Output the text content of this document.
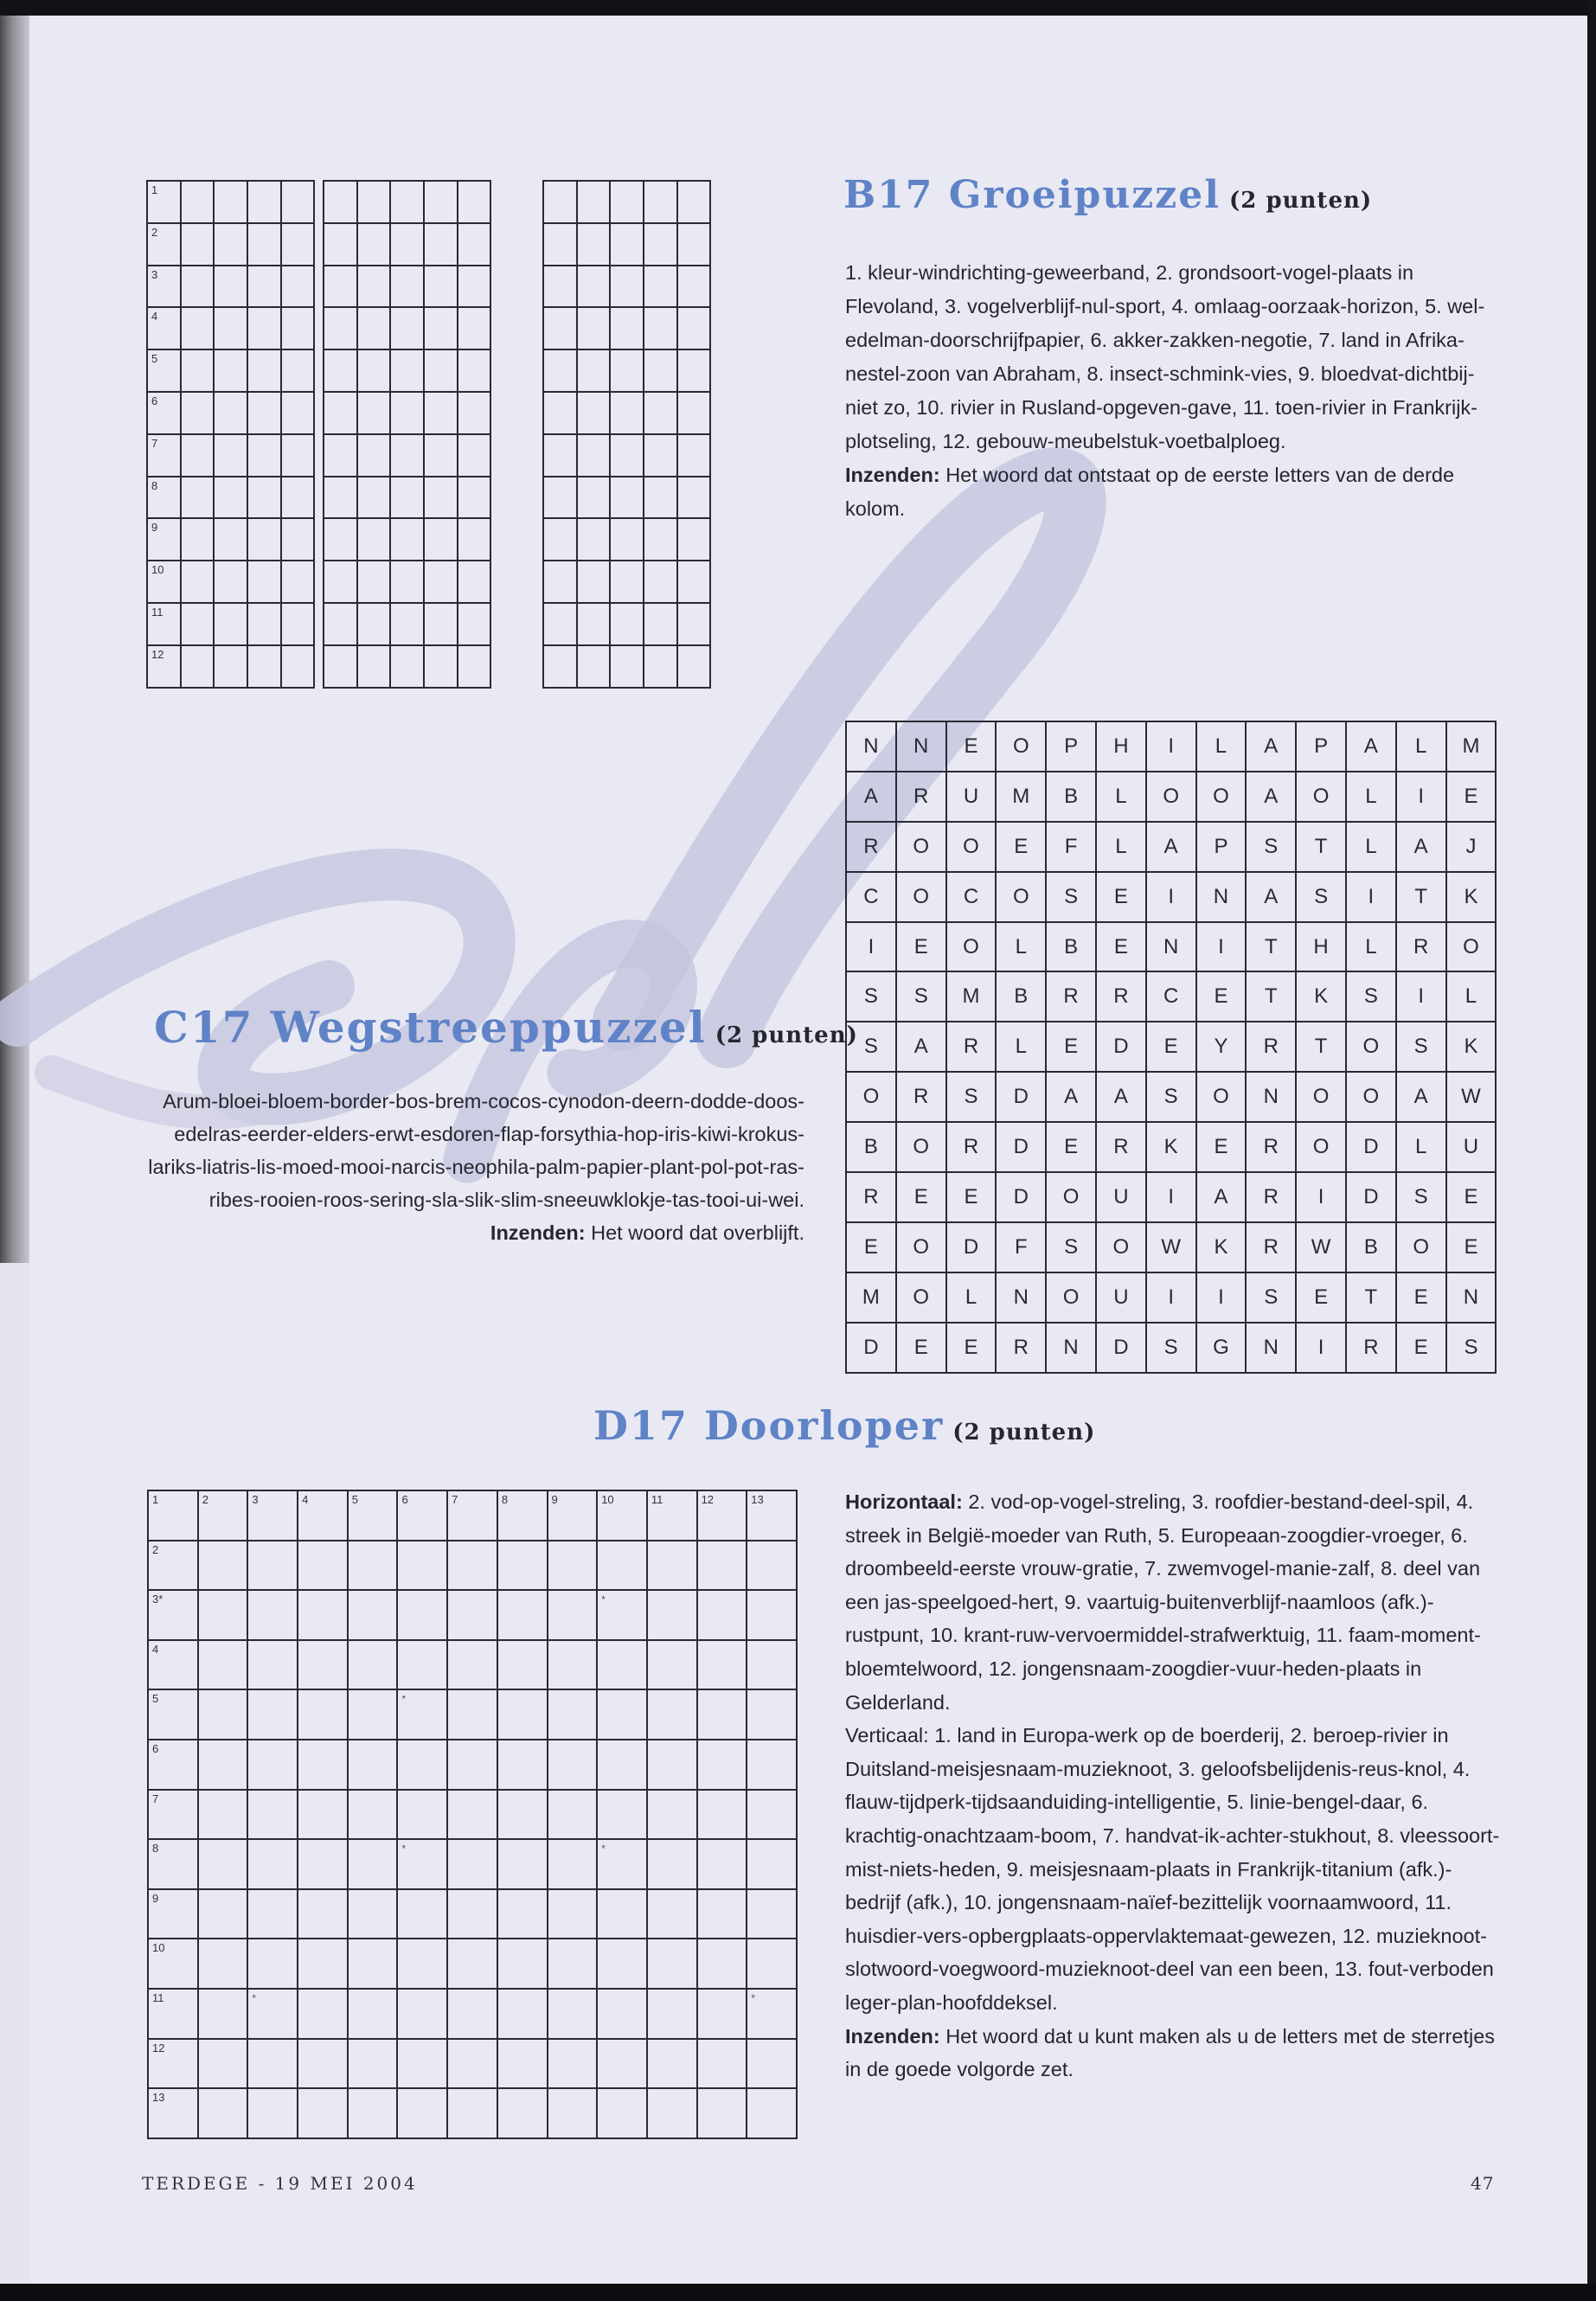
1				

2				

3				

4				

5				

6				

7				

8				

9				

10				

11				

12				

B17 Groeipuzzel (2 punten)
1. kleur-windrichting-geweerband, 2. grondsoort-vogel-plaats in Flevoland, 3. vogelverblijf-nul-sport, 4. omlaag-oorzaak-horizon, 5. wel-edelman-doorschrijfpapier, 6. akker-zakken-negotie, 7. land in Afrika-nestel-zoon van Abraham, 8. insect-schmink-vies, 9. bloedvat-dichtbij-niet zo, 10. rivier in Rusland-opgeven-gave, 11. toen-rivier in Frankrijk-plotseling, 12. gebouw-meubelstuk-voetbalploeg.
Inzenden: Het woord dat ontstaat op de eerste letters van de derde kolom.
N	N	E	O	P	H	I	L	A	P	A	L	M
A	R	U	M	B	L	O	O	A	O	L	I	E
R	O	O	E	F	L	A	P	S	T	L	A	J
C	O	C	O	S	E	I	N	A	S	I	T	K
I	E	O	L	B	E	N	I	T	H	L	R	O
S	S	M	B	R	R	C	E	T	K	S	I	L
S	A	R	L	E	D	E	Y	R	T	O	S	K
O	R	S	D	A	A	S	O	N	O	O	A	W
B	O	R	D	E	R	K	E	R	O	D	L	U
R	E	E	D	O	U	I	A	R	I	D	S	E
E	O	D	F	S	O	W	K	R	W	B	O	E
M	O	L	N	O	U	I	I	S	E	T	E	N
D	E	E	R	N	D	S	G	N	I	R	E	S
C17 Wegstreeppuzzel (2 punten)
Arum-bloei-bloem-border-bos-brem-cocos-cynodon-deern-dodde-doos-edelras-eerder-elders-erwt-esdoren-flap-forsythia-hop-iris-kiwi-krokus-lariks-liatris-lis-moed-mooi-narcis-neophila-palm-papier-plant-pol-pot-ras-ribes-rooien-roos-sering-sla-slik-slim-sneeuwklokje-tas-tooi-ui-wei.
Inzenden: Het woord dat overblijft.
D17 Doorloper (2 punten)
1	2	3	4	5	6	7	8	9	10	11	12	13

2												

3*									*			

4												

5					*							

6												

7												

8					*				*			

9												

10												

11		*										*

12												

13												

Horizontaal: 2. vod-op-vogel-streling, 3. roofdier-bestand-deel-spil, 4. streek in België-moeder van Ruth, 5. Europeaan-zoogdier-vroeger, 6. droombeeld-eerste vrouw-gratie, 7. zwemvogel-manie-zalf, 8. deel van een jas-speelgoed-hert, 9. vaartuig-buitenverblijf-naamloos (afk.)-rustpunt, 10. krant-ruw-vervoermiddel-strafwerktuig, 11. faam-moment-bloemtelwoord, 12. jongensnaam-zoogdier-vuur-heden-plaats in Gelderland.
Verticaal: 1. land in Europa-werk op de boerderij, 2. beroep-rivier in Duitsland-meisjesnaam-muzieknoot, 3. geloofsbelijdenis-reus-knol, 4. flauw-tijdperk-tijdsaanduiding-intelligentie, 5. linie-bengel-daar, 6. krachtig-onachtzaam-boom, 7. handvat-ik-achter-stukhout, 8. vleessoort-mist-niets-heden, 9. meisjesnaam-plaats in Frankrijk-titanium (afk.)-bedrijf (afk.), 10. jongensnaam-naïef-bezittelijk voornaamwoord, 11. huisdier-vers-opbergplaats-oppervlaktemaat-gewezen, 12. muzieknoot-slotwoord-voegwoord-muzieknoot-deel van een been, 13. fout-verboden leger-plan-hoofddeksel.
Inzenden: Het woord dat u kunt maken als u de letters met de sterretjes in de goede volgorde zet.
TERDEGE - 19 MEI 2004	47
